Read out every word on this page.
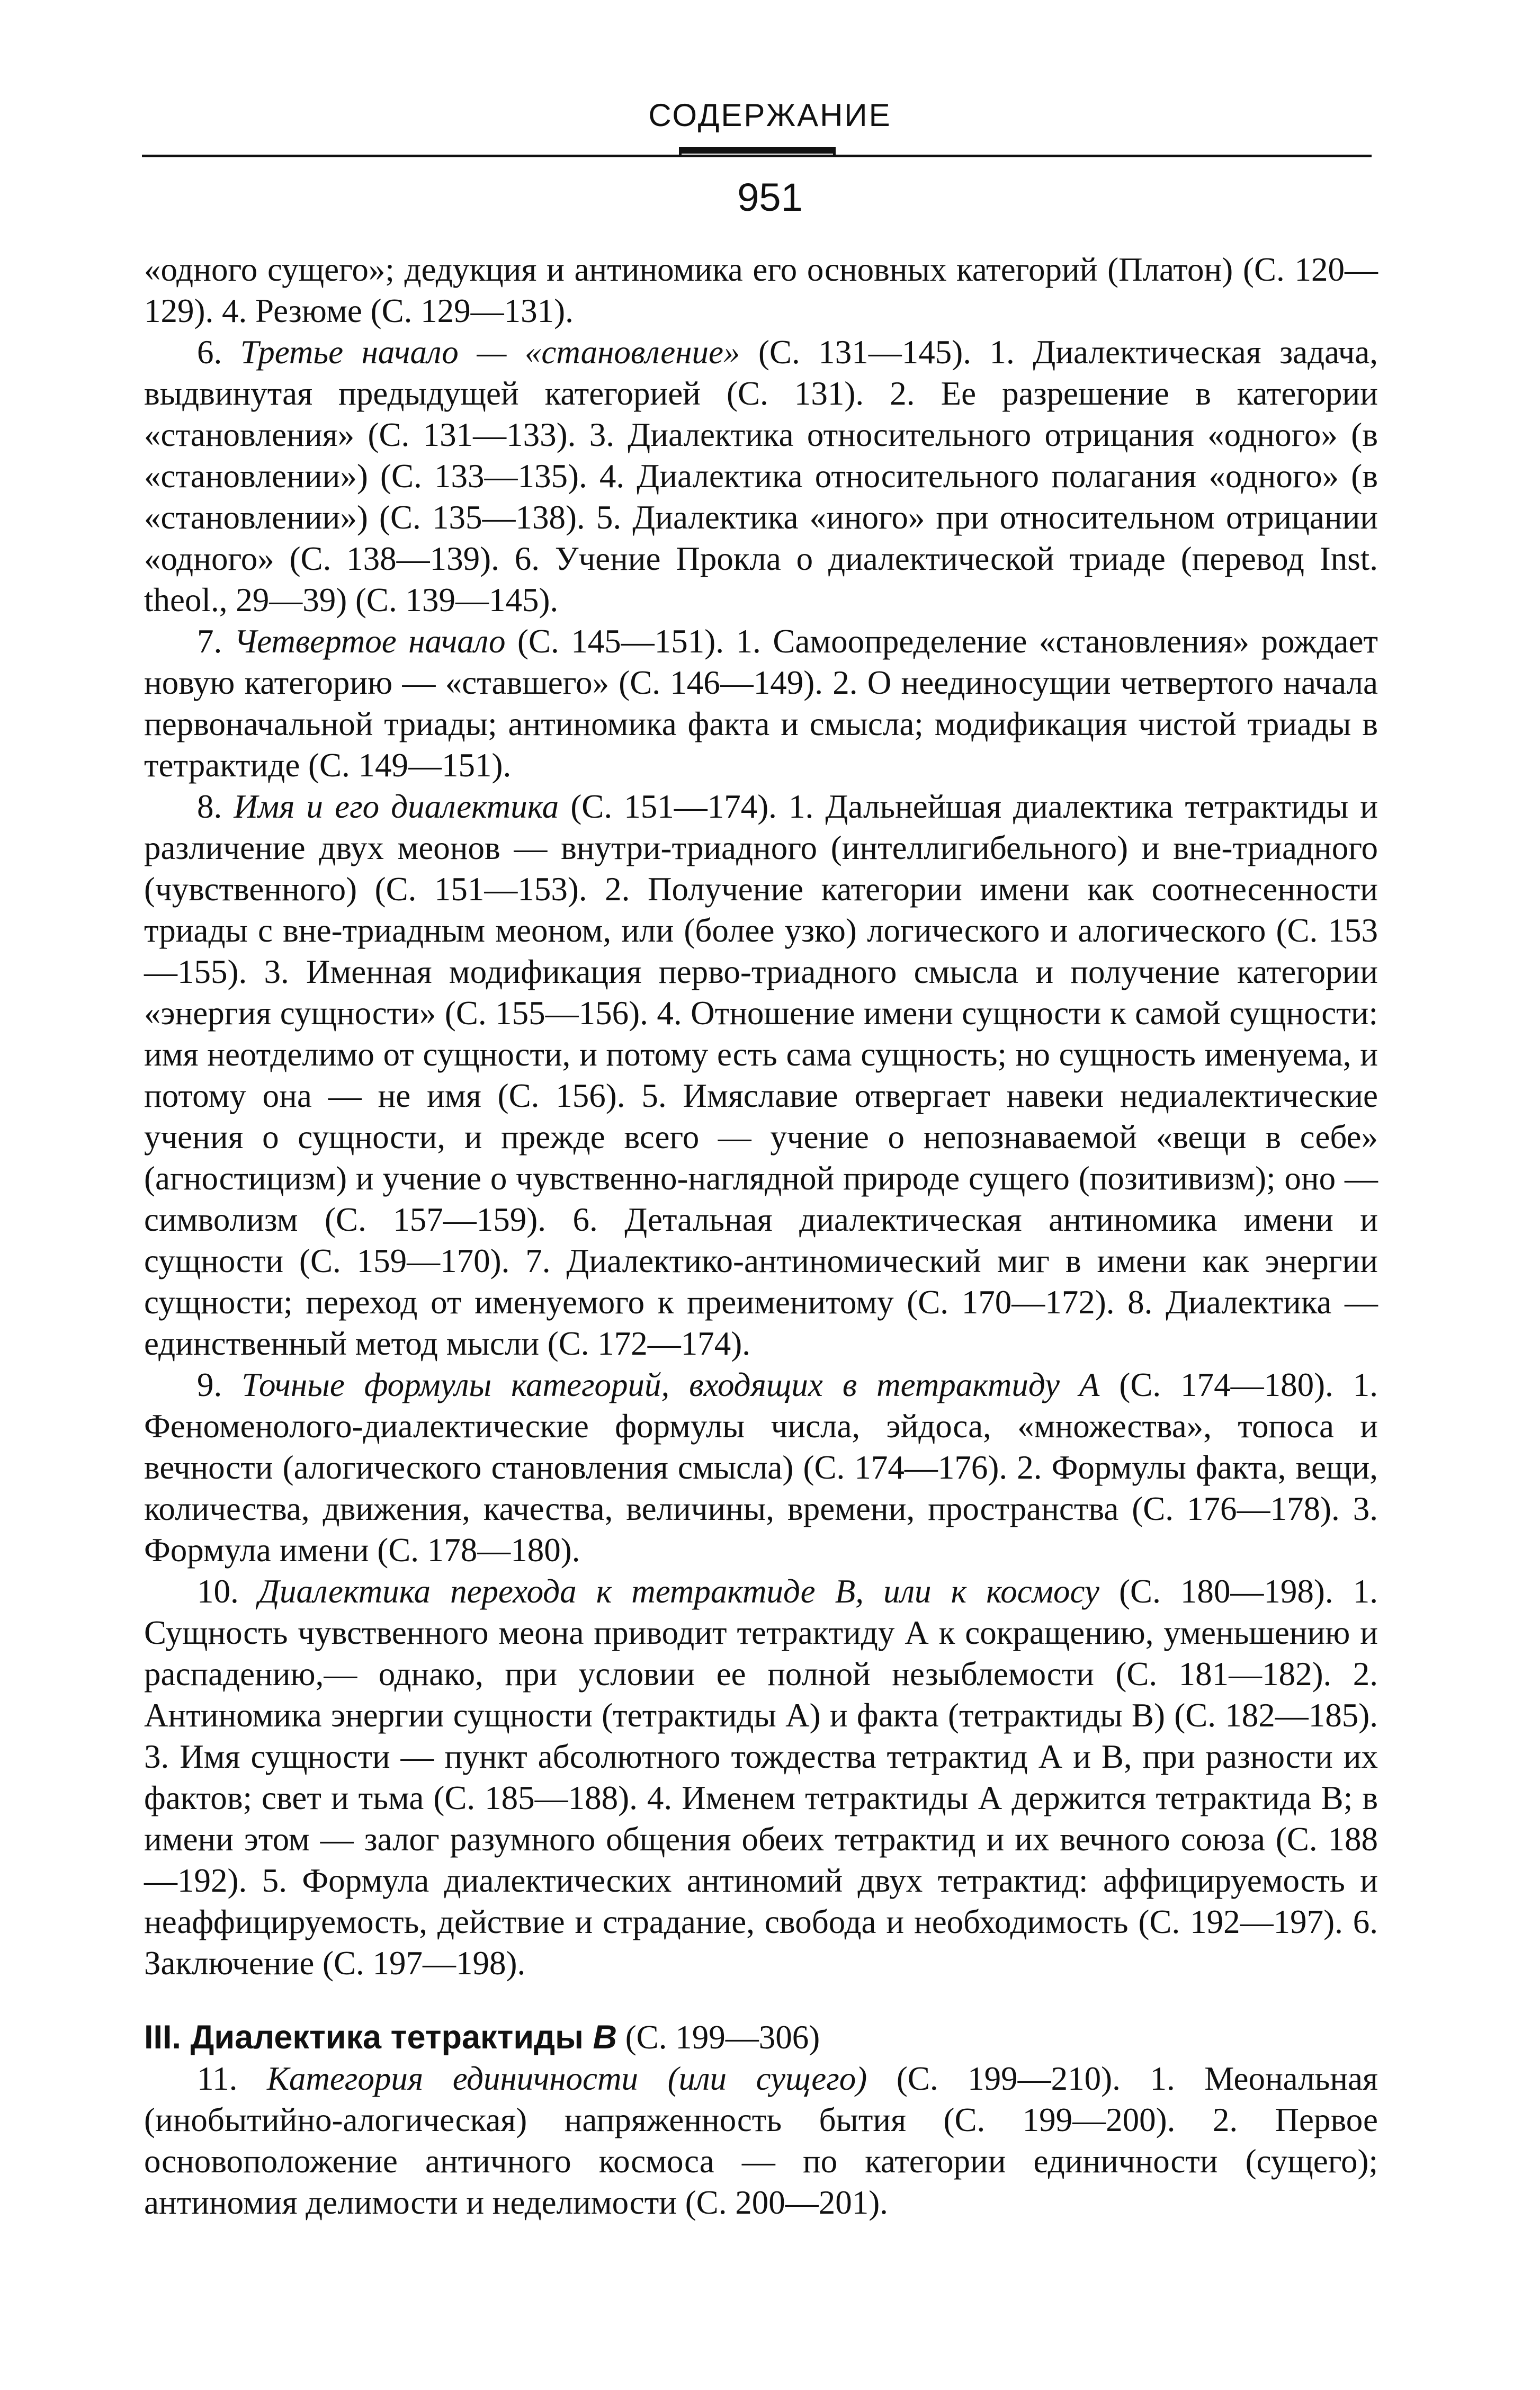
СОДЕРЖАНИЕ
951

«одного сущего»; дедукция и антиномика его основных категорий (Платон) (С. 120—129). 4. Резюме (С. 129—131).

6. Третье начало — «становление» (С. 131—145). 1. Диалектическая задача, выдвинутая предыдущей категорией (С. 131). 2. Ее разрешение в категории «становления» (С. 131—133). 3. Диалектика относительного отрицания «одного» (в «становлении») (С. 133—135). 4. Диалектика относительного полагания «одного» (в «становлении») (С. 135—138). 5. Диалектика «иного» при относительном отрицании «одного» (С. 138—139). 6. Учение Прокла о диалектической триаде (перевод Inst. theol., 29—39) (С. 139—145).

7. Четвертое начало (С. 145—151). 1. Самоопределение «становления» рождает новую категорию — «ставшего» (С. 146—149). 2. О неединосущии четвертого начала первоначальной триады; антиномика факта и смысла; модификация чистой триады в тетрактиде (С. 149—151).

8. Имя и его диалектика (С. 151—174). 1. Дальнейшая диалектика тетрактиды и различение двух меонов — внутри-триадного (интеллигибельного) и вне-триадного (чувственного) (С. 151—153). 2. Получение категории имени как соотнесенности триады с вне-триадным меоном, или (более узко) логического и алогического (С. 153—155). 3. Именная модификация перво-триадного смысла и получение категории «энергия сущности» (С. 155—156). 4. Отношение имени сущности к самой сущности: имя неотделимо от сущности, и потому есть сама сущность; но сущность именуема, и потому она — не имя (С. 156). 5. Имяславие отвергает навеки недиалектические учения о сущности, и прежде всего — учение о непознаваемой «вещи в себе» (агностицизм) и учение о чувственно-наглядной природе сущего (позитивизм); оно — символизм (С. 157—159). 6. Детальная диалектическая антиномика имени и сущности (С. 159—170). 7. Диалектико-антиномический миг в имени как энергии сущности; переход от именуемого к преименитому (С. 170—172). 8. Диалектика — единственный метод мысли (С. 172—174).

9. Точные формулы категорий, входящих в тетрактиду А (С. 174—180). 1. Феноменолого-диалектические формулы числа, эйдоса, «множества», топоса и вечности (алогического становления смысла) (С. 174—176). 2. Формулы факта, вещи, количества, движения, качества, величины, времени, пространства (С. 176—178). 3. Формула имени (С. 178—180).

10. Диалектика перехода к тетрактиде В, или к космосу (С. 180—198). 1. Сущность чувственного меона приводит тетрактиду А к сокращению, уменьшению и распадению,— однако, при условии ее полной незыблемости (С. 181—182). 2. Антиномика энергии сущности (тетрактиды А) и факта (тетрактиды В) (С. 182—185). 3. Имя сущности — пункт абсолютного тождества тетрактид А и В, при разности их фактов; свет и тьма (С. 185—188). 4. Именем тетрактиды А держится тетрактида В; в имени этом — залог разумного общения обеих тетрактид и их вечного союза (С. 188—192). 5. Формула диалектических антиномий двух тетрактид: аффицируемость и неаффицируемость, действие и страдание, свобода и необходимость (С. 192—197). 6. Заключение (С. 197—198).

III. Диалектика тетрактиды В (С. 199—306)

11. Категория единичности (или сущего) (С. 199—210). 1. Меональная (инобытийно-алогическая) напряженность бытия (С. 199—200). 2. Первое основоположение античного космоса — по категории единичности (сущего); антиномия делимости и неделимости (С. 200—201).
